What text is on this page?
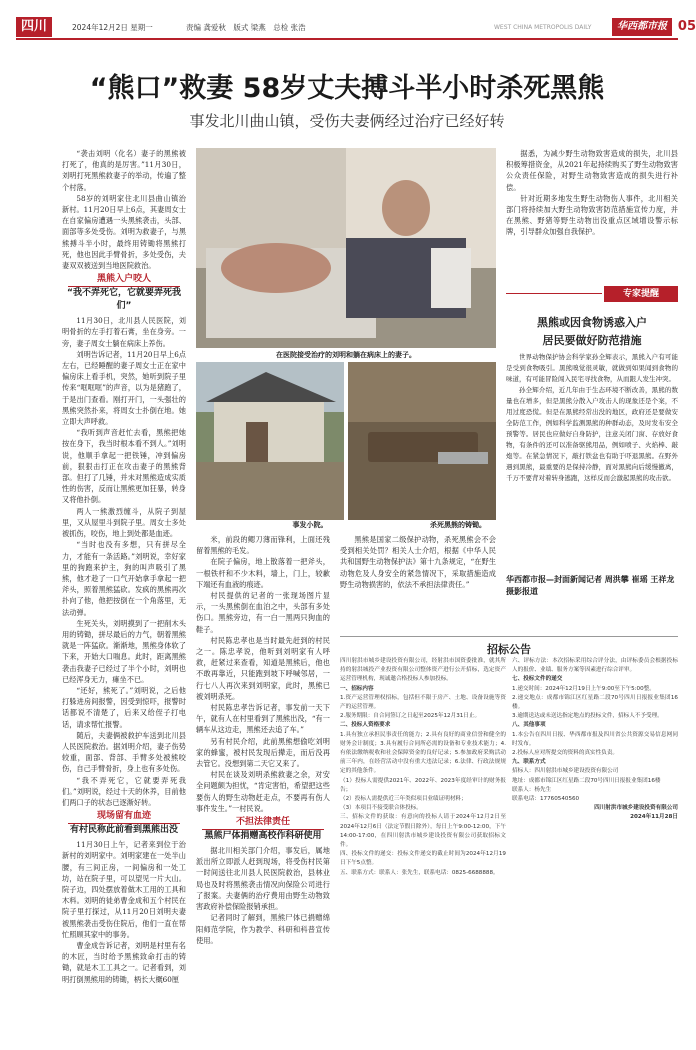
四川	2024年12月2日 星期一	责编 龚爱秋　版式 梁燕　总检 张浩	WEST CHINA METROPOLIS DAILY	华西都市报 05
“熊口”救妻 58岁丈夫搏斗半小时杀死黑熊
事发北川曲山镇，受伤夫妻俩经过治疗已经好转

“袭击刘明（化名）妻子的黑熊被打死了，他真的是厉害。”11月30日，刘明打死黑熊救妻子的举动，传遍了整个村落。

58岁的刘明家住北川县曲山镇治新村。11月20日早上6点，其妻周女士在自家偏房遭遇一头黑熊袭击，头部、面部等多处受伤。刘明为救妻子，与黑熊搏斗半小时，最终用铸锄将黑熊打死，他也因此手臂骨折，多处受伤，夫妻双双被送到当地医院救治。

黑熊入户咬人
“我不弄死它，它就要弄死我们”

11月30日，北川县人民医院，刘明骨折的左手打着石膏，坐在身旁。一旁，妻子周女士躺在病床上养伤。

刘明告诉记者，11月20日早上6点左右，已经睡醒的妻子周女士正在家中偏房床上看手机，突然，她听到院子里传来“哐哐哐”的声音，以为是猪跑了，于是出门查看。刚打开门，一头强壮的黑熊突然扑来，将周女士扑倒在地。她立即大声呼救。

“我听到声音赶忙去看，黑熊把她按在身下，我当时根本看不到人。”刘明说，他顺手拿起一把铁锤，冲到偏房前，狠狠击打正在攻击妻子的黑熊背部。但打了几锤，并未对黑熊造成实质性的伤害，反而让黑熊更加狂暴，转身又将他扑倒。

两人一熊激烈缠斗，从院子到屋里，又从屋里斗到院子里。周女士多处被抓伤，咬伤，地上到处都是血迹。

“当时也没有多想，只有拼尽全力，才能有一条活路。”刘明说，幸好家里的狗跑来护主，狗的叫声吸引了黑熊，他才趁了一口气开始拿手拿起一把斧头，照着黑熊猛砍。发疯的黑熊再次扑向了他，他把按倒在一个角落里，无法动弹。

生死关头，刘明摸到了一把削木头用的铸锄，拼尽最后的力气，朝着黑熊就是一阵猛砍。渐渐地，黑熊身体软了下来，开始大口喘息。此时，距离黑熊袭击我妻子已经过了半个小时，刘明也已经浑身无力，瘫坐不已。

“还好，熊死了。”刘明说，之后他打躲进房间报警，因受到惊吓，报警时话都说不清楚了，后来又给侄子打电话，请求帮忙报警。

随后，夫妻俩被救护车送到北川县人民医院救治。据刘明介绍，妻子伤势较重，面部、背部、手臂多处被熊咬伤，自己手臂骨折，身上也有多处伤。

“我不弄死它，它就要弄死我们。”刘明说，经过十天的休养，目前他们两口子的状态已逐渐好转。

现场留有血迹
有村民称此前看到黑熊出没

11月30日上午，记者来到位于治新村的刘明家中。刘明家建在一处半山腰，有三间正房，一间偏房和一处工坊，站在院子里，可以望见一片大山。院子边，四处摆放着做木工用的工具和木料。刘明的徒弟曹金成和五个村民在院子里打探过，从11月20日刘明夫妻被黑熊袭击受伤住院后，他们一直在帮忙照顾其家中的事务。

曹金成告诉记者，刘明是村里有名的木匠，当时给予黑熊致命打击的铸锄，就是木工工具之一。记者看到，刘明打倒黑熊用的铸锄，柄长大概60厘

在医院接受治疗的刘明和躺在病床上的妻子。
事发小院。	杀死黑熊的铸锄。

米，前段的鳃刀薄而锋利，上面还残留着黑熊的毛发。

在院子偏房，地上散落着一把斧头，一根铁杆和不少木料，墙上，门上，较歉下端还有血液的痕迹。

村民提供的记者的一张现场图片显示，一头黑熊倒在血泊之中，头部有多处伤口。黑熊旁边，有一白一黑两只狗血的鞋子。

村民陈忠孝也是当时最先赶到的村民之一。陈忠孝说，他听到刘明家有人呼救，赶紧过来查看，知道是黑熊后，他也不敢再靠近，只能跑到坡下呼喊邻居，一行七八人再次来到刘明家，此时，黑熊已被刘明杀死。

村民陈忠孝告诉记者，事发前一天下午，就有人在村里看到了黑熊出没，“有一辆车从这边走，黑熊还去追了车。”

另有村民介绍，此前黑熊想偷吃刘明家的蜂蜜，被村民发现后撵走，而后没再去管它。没想到第二天它又来了。

村民在谈及刘明杀熊救妻之余，对安全问题颇为担忧，“肯定害怕，希望把这些要伤人的野生动物赶走点，不要再有伤人事件发生。”一村民说。

不担法律责任
黑熊尸体捐赠高校作科研使用

据北川相关部门介绍，事发后，属地派出所立即派人赶到现场，将受伤村民第一时间送往北川县人民医院救治，县林业局也及时将黑熊袭击情况向保险公司进行了报案。夫妻俩的治疗费用由野生动物致害政府补偿保险报销承担。

记者同时了解到，黑熊尸体已捐赠绵阳师范学院，作为教学、科研和科普宣传使用。

黑熊是国家二级保护动物，杀死黑熊会不会受到相关处罚？相关人士介绍，根据《中华人民共和国野生动物保护法》第十九条规定，“在野生动物危及人身安全的紧急情况下，采取措施造成野生动物损害的，依法不承担法律责任。”

据悉，为减少野生动物致害造成的损失，北川县积极筹措资金，从2021年起持续购买了野生动物致害公众责任保险，对野生动物致害造成的损失进行补偿。

针对近期多地发生野生动物伤人事件，北川相关部门将持续加大野生动物致害防范措施宣传力度，并在黑熊、野猪等野生动物出没重点区域增设警示标牌，引导群众加强自我保护。

专家提醒
黑熊或因食物诱惑入户
居民要做好防范措施

世界动物保护协会科学家孙全辉表示，黑熊入户有可能是受到食物吸引。黑熊嗅觉很灵敏，就做到如果闻到食物的味道，有可能冒险闯入民宅寻找食物，从而跟人发生冲突。

孙全辉介绍，近几年由于生态环境不断改善，黑熊的数量也在增多，但是黑熊分散入户攻击人的现象还是个案，不用过度恐慌。但是在黑熊经常出没的地区，政府还是要做安全防范工作，例如科学监测黑熊的种群动态，及时发布安全预警等。居民也应做好自身防护，注意关闭门窗、存放好食物，有条件的还可以准备驱熊用品，例如喷子、火焰棒、敲炮等。在紧急情况下，敲打铁盆也有助于吓退黑熊。在野外遇到黑熊，最重要的是保持冷静，面对黑熊向后缓慢撤离，千万不要背对着转身逃跑，这样反而会激起黑熊的攻击欲。

华西都市报—封面新闻记者 周洪攀 崔瑶 王祥龙 摄影报道
招标公告
四川射洪市城乡建设投资有限公司，经射洪市国资委批准，就其所持的射洪城投产业投资有限公司整体资产进行公开招标，选定资产运营管理机构，现诚邀合格投标人参加投标。
一、招标内容
1.资产运营管理权招标，包括但不限于房产、土地、设备设施等资产的运营管理。
2.服务期限：自合同签订之日起至2025年12月31日止。
二、投标人资格要求
1.具有独立承担民事责任的能力；2.具有良好的商业信誉和健全的财务会计制度；3.具有履行合同所必需的设备和专业技术能力；4.有依法缴纳税收和社会保障资金的良好记录；5.参加政府采购活动前三年内，在经营活动中没有重大违法记录；6.法律、行政法规规定的其他条件。
（1）投标人需提供2021年、2022年、2023年度经审计的财务报告；
（2）投标人需提供近三年类似项目业绩证明材料；
（3）本项目不接受联合体投标。
三、招标文件的获取：有意向的投标人请于2024年12月2日至2024年12月6日（法定节假日除外），每日上午9:00-12:00，下午14:00-17:00，在四川射洪市城乡建设投资有限公司获取招标文件。
四、投标文件的递交：投标文件递交的截止时间为2024年12月19日下午5点整。
五、联系方式：联系人：张先生，联系电话：0825-6688888。
六、评标方法：本次招标采用综合评分法，由评标委员会根据投标人的报价、业绩、服务方案等因素进行综合评审。
七、投标文件的递交
1.递交时间：2024年12月19日上午9:00至下午5:00整。
2.递交地点：成都市锦江区红星路二段70号四川日报报业集团16楼。
3.逾期送达或未送达指定地点的投标文件，招标人不予受理。
八、其他事项
1.本公告在四川日报、华西都市报及四川省公共资源交易信息网同时发布。
2.投标人应对所提交的资料的真实性负责。
九、联系方式
招标人：四川射洪市城乡建设投资有限公司
地址：成都市锦江区红星路二段70号四川日报报业集团16楼
联系人：杨先生
联系电话：17760540560
四川射洪市城乡建设投资有限公司
2024年11月28日
